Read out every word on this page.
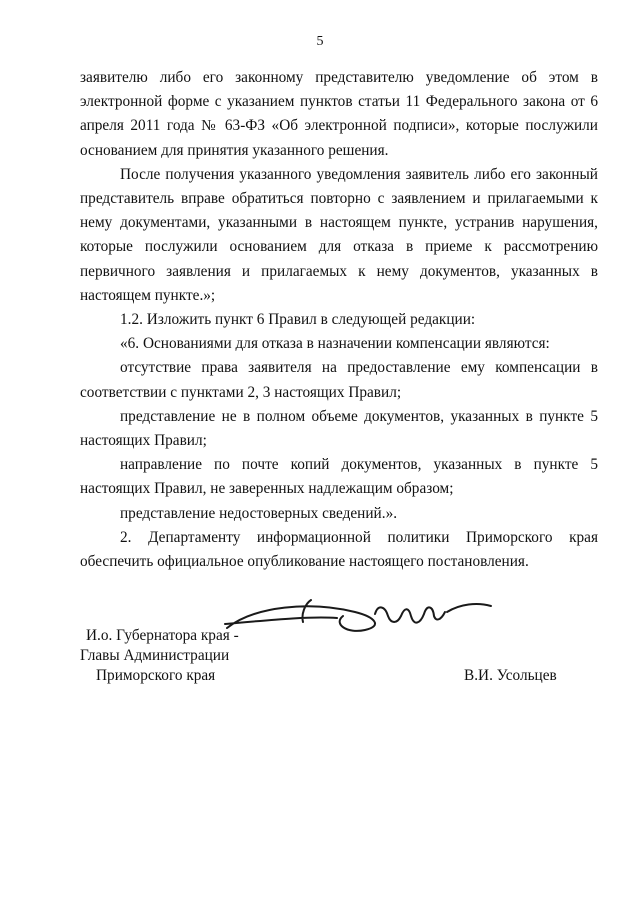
5

заявителю либо его законному представителю уведомление об этом в электронной форме с указанием пунктов статьи 11 Федерального закона от 6 апреля 2011 года № 63-ФЗ «Об электронной подписи», которые послужили основанием для принятия указанного решения.

После получения указанного уведомления заявитель либо его законный представитель вправе обратиться повторно с заявлением и прилагаемыми к нему документами, указанными в настоящем пункте, устранив нарушения, которые послужили основанием для отказа в приеме к рассмотрению первичного заявления и прилагаемых к нему документов, указанных в настоящем пункте.»;

1.2. Изложить пункт 6 Правил в следующей редакции:

«6. Основаниями для отказа в назначении компенсации являются:

отсутствие права заявителя на предоставление ему компенсации в соответствии с пунктами 2, 3 настоящих Правил;

представление не в полном объеме документов, указанных в пункте 5 настоящих Правил;

направление по почте копий документов, указанных в пункте 5 настоящих Правил, не заверенных надлежащим образом;

представление недостоверных сведений.».

2. Департаменту информационной политики Приморского края обеспечить официальное опубликование настоящего постановления.

И.о. Губернатора края -
Главы Администрации
Приморского края	В.И. Усольцев
